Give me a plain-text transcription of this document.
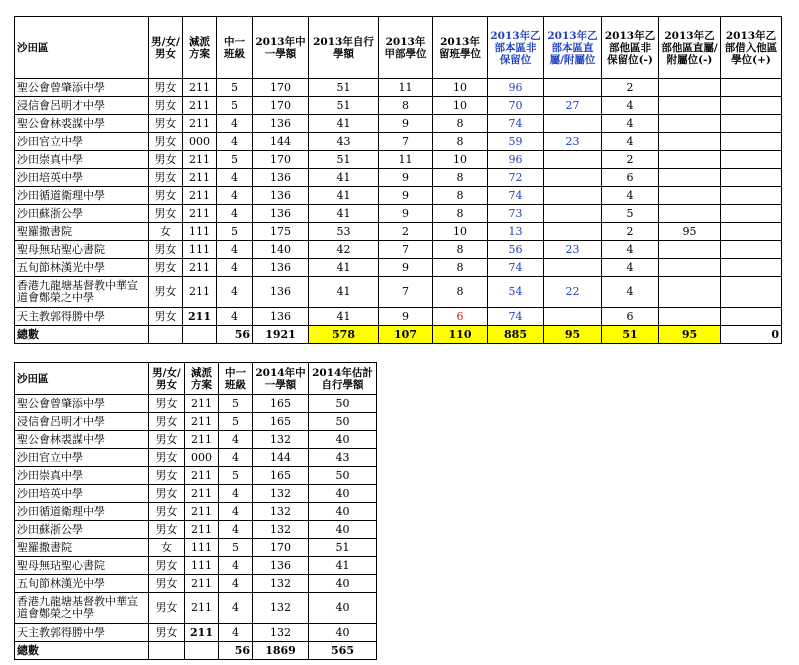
沙田區	男/女/男女	減派方案	中一班級	2013年中一學額	2013年自行學額	2013年甲部學位	2013年留班學位	2013年乙部本區非保留位	2013年乙部本區直屬/附屬位	2013年乙部他區非保留位(-)	2013年乙部他區直屬/附屬位(-)	2013年乙部借入他區學位(+)
聖公會曾肇添中學	男女	211	5	170	51	11	10	96		2		
浸信會呂明才中學	男女	211	5	170	51	8	10	70	27	4		
聖公會林裘謀中學	男女	211	4	136	41	9	8	74		4		
沙田官立中學	男女	000	4	144	43	7	8	59	23	4		
沙田崇真中學	男女	211	5	170	51	11	10	96		2		
沙田培英中學	男女	211	4	136	41	9	8	72		6		
沙田循道衛理中學	男女	211	4	136	41	9	8	74		4		
沙田蘇浙公學	男女	211	4	136	41	9	8	73		5		
聖羅撒書院	女	111	5	175	53	2	10	13		2	95	
聖母無玷聖心書院	男女	111	4	140	42	7	8	56	23	4		
五旬節林漢光中學	男女	211	4	136	41	9	8	74		4		
香港九龍塘基督教中華宣道會鄭榮之中學	男女	211	4	136	41	7	8	54	22	4		
天主教郭得勝中學	男女	211	4	136	41	9	6	74		6		
總數			56	1921	578	107	110	885	95	51	95	0
沙田區	男/女/男女	減派方案	中一班級	2014年中一學額	2014年估計自行學額
聖公會曾肇添中學	男女	211	5	165	50
浸信會呂明才中學	男女	211	5	165	50
聖公會林裘謀中學	男女	211	4	132	40
沙田官立中學	男女	000	4	144	43
沙田崇真中學	男女	211	5	165	50
沙田培英中學	男女	211	4	132	40
沙田循道衛理中學	男女	211	4	132	40
沙田蘇浙公學	男女	211	4	132	40
聖羅撒書院	女	111	5	170	51
聖母無玷聖心書院	男女	111	4	136	41
五旬節林漢光中學	男女	211	4	132	40
香港九龍塘基督教中華宣道會鄭榮之中學	男女	211	4	132	40
天主教郭得勝中學	男女	211	4	132	40
總數			56	1869	565
